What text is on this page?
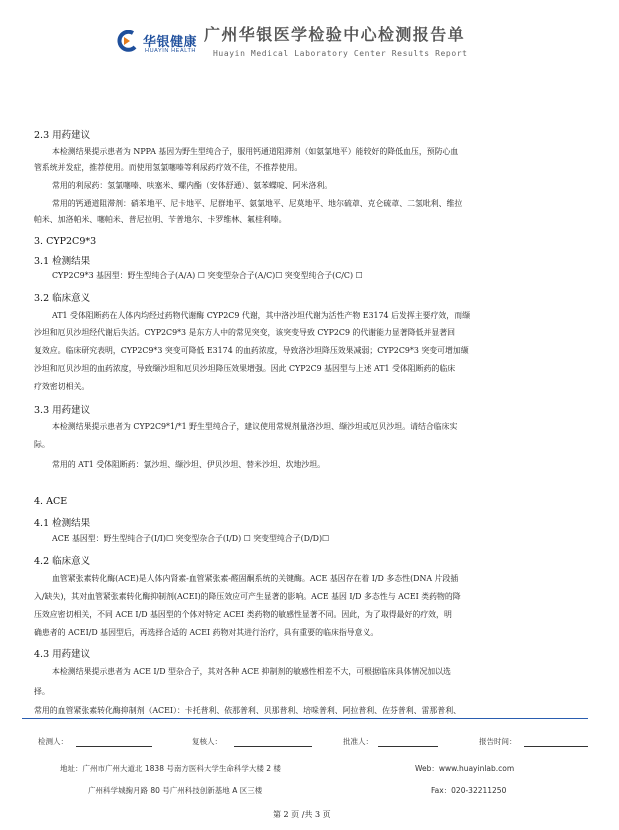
华银健康
HUAYIN HEALTH
广州华银医学检验中心检测报告单
Huayin Medical Laboratory Center Results Report
2.3 用药建议
本检测结果提示患者为 NPPA 基因为野生型纯合子，服用钙通道阻滞剂（如氨氯地平）能较好的降低血压，预防心血
管系统并发症，推荐使用。而使用氢氯噻嗪等利尿药疗效不佳，不推荐使用。
常用的利尿药：氢氯噻嗪、呋塞米、螺内酯（安体舒通）、氨苯蝶啶、阿米洛利。
常用的钙通道阻滞剂：硝苯地平、尼卡地平、尼群地平、氨氯地平、尼莫地平、地尔硫䓬、克仑硫䓬、二氢吡利、维拉
帕米、加洛帕米、噻帕米、普尼拉明、苄普地尔、卡罗维林、氟桂利嗪。
3. CYP2C9*3
3.1 检测结果
CYP2C9*3 基因型：野生型纯合子(A/A) ☐ 突变型杂合子(A/C)☐ 突变型纯合子(C/C) ☐
3.2 临床意义
AT1 受体阻断药在人体内均经过药物代谢酶 CYP2C9 代谢，其中洛沙坦代谢为活性产物 E3174 后发挥主要疗效，而缬
沙坦和厄贝沙坦经代谢后失活。CYP2C9*3 是东方人中的常见突变，该突变导致 CYP2C9 的代谢能力显著降低并显著回
复效应。临床研究表明，CYP2C9*3 突变可降低 E3174 的血药浓度，导致洛沙坦降压效果减弱；CYP2C9*3 突变可增加缬
沙坦和厄贝沙坦的血药浓度，导致缬沙坦和厄贝沙坦降压效果增强。因此 CYP2C9 基因型与上述 AT1 受体阻断药的临床
疗效密切相关。
3.3 用药建议
本检测结果提示患者为 CYP2C9*1/*1 野生型纯合子，建议使用常规剂量洛沙坦、缬沙坦或厄贝沙坦。请结合临床实
际。
常用的 AT1 受体阻断药：氯沙坦、缬沙坦、伊贝沙坦、替米沙坦、坎地沙坦。
4. ACE
4.1 检测结果
ACE 基因型：野生型纯合子(I/I)☐ 突变型杂合子(I/D) ☐ 突变型纯合子(D/D)☐
4.2 临床意义
血管紧张素转化酶(ACE)是人体内肾素-血管紧张素-醛固酮系统的关键酶。ACE 基因存在着 I/D 多态性(DNA 片段插
入/缺失)，其对血管紧张素转化酶抑制剂(ACEI)的降压效应可产生显著的影响。ACE 基因 I/D 多态性与 ACEI 类药物的降
压效应密切相关，不同 ACE I/D 基因型的个体对特定 ACEI 类药物的敏感性显著不同。因此，为了取得最好的疗效，明
确患者的 ACEI/D 基因型后，再选择合适的 ACEI 药物对其进行治疗，具有重要的临床指导意义。
4.3 用药建议
本检测结果提示患者为 ACE I/D 型杂合子，其对各种 ACE 抑制剂的敏感性相差不大，可根据临床具体情况加以选
择。
常用的血管紧张素转化酶抑制剂（ACEI）：卡托普利、依那普利、贝那普利、培哚普利、阿拉普利、佐芬普利、雷那普利、
检测人：	复核人：	批准人：	报告时间：
地址：广州市广州大道北 1838 号南方医科大学生命科学大楼 2 楼	Web：www.huayinlab.com
广州科学城掬月路 80 号广州科技创新基地 A 区三楼	Fax：020-32211250
第 2 页 /共 3 页
